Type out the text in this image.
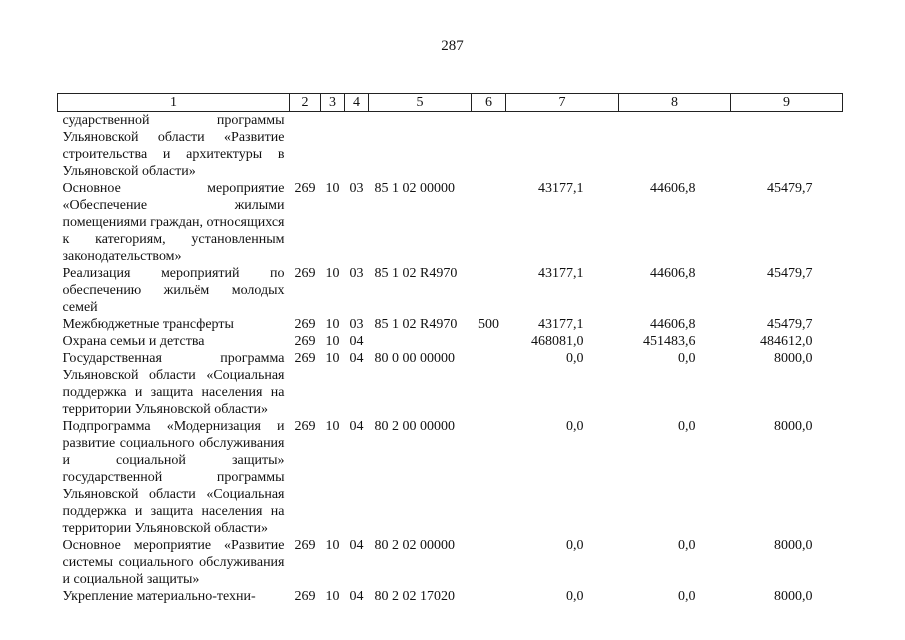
287
1	2	3	4	5	6	7	8	9
сударственной программы Ульяновской области «Развитие строительства и архитектуры в Ульяновской области»								
Основное мероприятие «Обеспечение жилыми помещениями граждан, относящихся к категориям, установленным законодательством»	269	10	03	85 1 02 00000		43177,1	44606,8	45479,7
Реализация мероприятий по обеспечению жильём молодых семей	269	10	03	85 1 02 R4970		43177,1	44606,8	45479,7
Межбюджетные трансферты	269	10	03	85 1 02 R4970	500	43177,1	44606,8	45479,7
Охрана семьи и детства	269	10	04			468081,0	451483,6	484612,0
Государственная программа Ульяновской области «Социальная поддержка и защита населения на территории Ульяновской области»	269	10	04	80 0 00 00000		0,0	0,0	8000,0
Подпрограмма «Модернизация и развитие социального обслуживания и социальной защиты» государственной программы Ульяновской области «Социальная поддержка и защита населения на территории Ульяновской области»	269	10	04	80 2 00 00000		0,0	0,0	8000,0
Основное мероприятие «Развитие системы социального обслуживания и социальной защиты»	269	10	04	80 2 02 00000		0,0	0,0	8000,0
Укрепление материально-техни-	269	10	04	80 2 02 17020		0,0	0,0	8000,0
